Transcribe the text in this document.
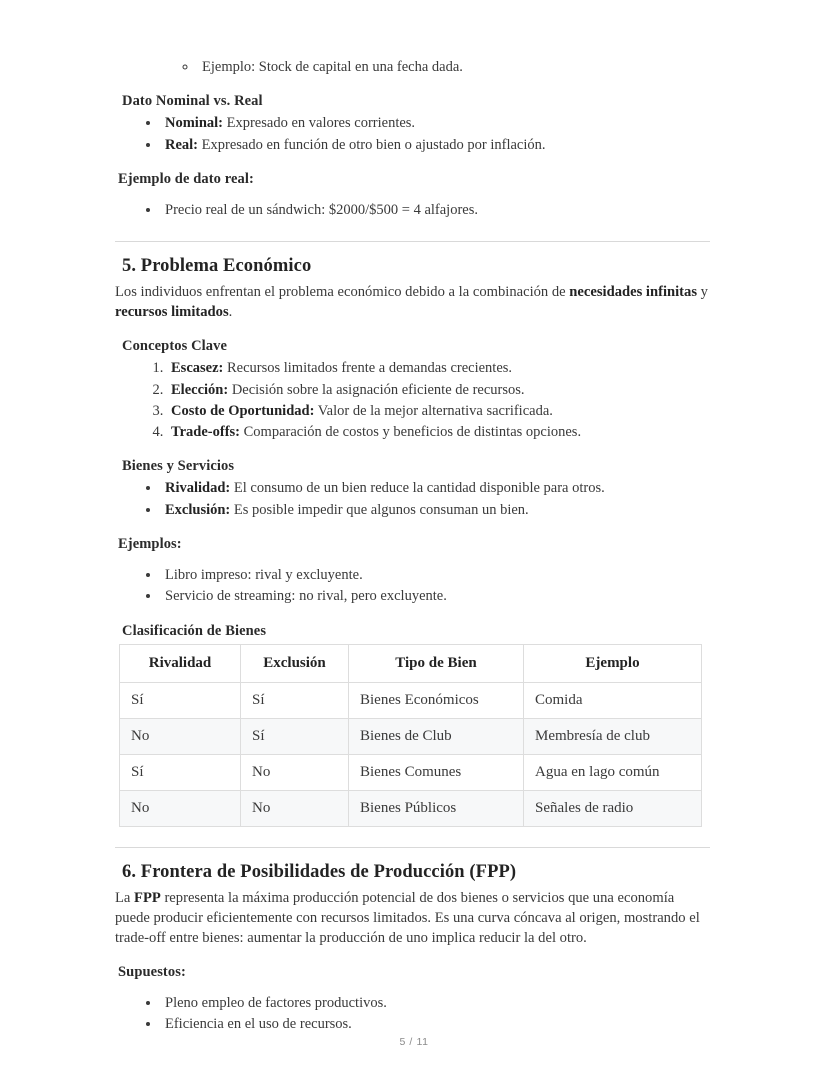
◦ Ejemplo: Stock de capital en una fecha dada.
Dato Nominal vs. Real
• Nominal: Expresado en valores corrientes.
• Real: Expresado en función de otro bien o ajustado por inflación.
Ejemplo de dato real:
• Precio real de un sándwich: $2000/$500 = 4 alfajores.
5. Problema Económico

Los individuos enfrentan el problema económico debido a la combinación de necesidades infinitas y recursos limitados.

Conceptos Clave
1. Escasez: Recursos limitados frente a demandas crecientes.
2. Elección: Decisión sobre la asignación eficiente de recursos.
3. Costo de Oportunidad: Valor de la mejor alternativa sacrificada.
4. Trade-offs: Comparación de costos y beneficios de distintas opciones.
Bienes y Servicios
• Rivalidad: El consumo de un bien reduce la cantidad disponible para otros.
• Exclusión: Es posible impedir que algunos consuman un bien.
Ejemplos:
• Libro impreso: rival y excluyente.
• Servicio de streaming: no rival, pero excluyente.
Clasificación de Bienes
Rivalidad	Exclusión	Tipo de Bien	Ejemplo
Sí	Sí	Bienes Económicos	Comida
No	Sí	Bienes de Club	Membresía de club
Sí	No	Bienes Comunes	Agua en lago común
No	No	Bienes Públicos	Señales de radio
6. Frontera de Posibilidades de Producción (FPP)

La FPP representa la máxima producción potencial de dos bienes o servicios que una economía puede producir eficientemente con recursos limitados. Es una curva cóncava al origen, mostrando el trade-off entre bienes: aumentar la producción de uno implica reducir la del otro.

Supuestos:
• Pleno empleo de factores productivos.
• Eficiencia en el uso de recursos.
5 / 11
